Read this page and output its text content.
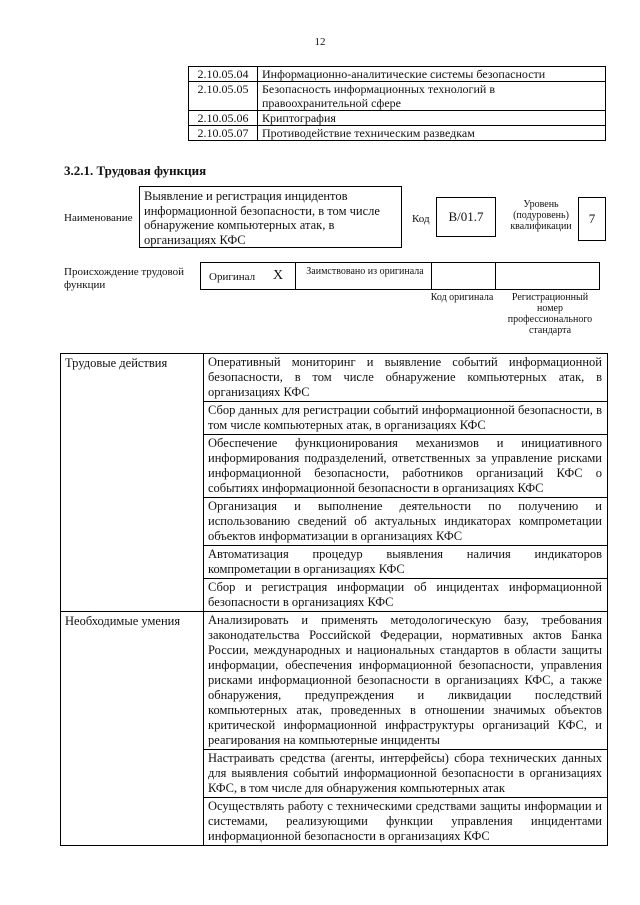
12
2.10.05.04	Информационно-аналитические системы безопасности
2.10.05.05	Безопасность информационных технологий в правоохранительной сфере
2.10.05.06	Криптография
2.10.05.07	Противодействие техническим разведкам
3.2.1. Трудовая функция
Наименование
Выявление и регистрация инцидентов информационной безопасности, в том числе обнаружение компьютерных атак, в организациях КФС
Код	B/01.7
Уровень (подуровень) квалификации
7
Происхождение трудовой функции
Оригинал X	Заимствовано из оригинала
Код оригинала	Регистрационный номер профессионального стандарта
Трудовые действия	Оперативный мониторинг и выявление событий информационной безопасности, в том числе обнаружение компьютерных атак, в организациях КФС
	Сбор данных для регистрации событий информационной безопасности, в том числе компьютерных атак, в организациях КФС
	Обеспечение функционирования механизмов и инициативного информирования подразделений, ответственных за управление рисками информационной безопасности, работников организаций КФС о событиях информационной безопасности в организациях КФС
	Организация и выполнение деятельности по получению и использованию сведений об актуальных индикаторах компрометации объектов информатизации в организациях КФС
	Автоматизация процедур выявления наличия индикаторов компрометации в организациях КФС
	Сбор и регистрация информации об инцидентах информационной безопасности в организациях КФС
Необходимые умения	Анализировать и применять методологическую базу, требования законодательства Российской Федерации, нормативных актов Банка России, международных и национальных стандартов в области защиты информации, обеспечения информационной безопасности, управления рисками информационной безопасности в организациях КФС, а также обнаружения, предупреждения и ликвидации последствий компьютерных атак, проведенных в отношении значимых объектов критической информационной инфраструктуры организаций КФС, и реагирования на компьютерные инциденты
	Настраивать средства (агенты, интерфейсы) сбора технических данных для выявления событий информационной безопасности в организациях КФС, в том числе для обнаружения компьютерных атак
	Осуществлять работу с техническими средствами защиты информации и системами, реализующими функции управления инцидентами информационной безопасности в организациях КФС
